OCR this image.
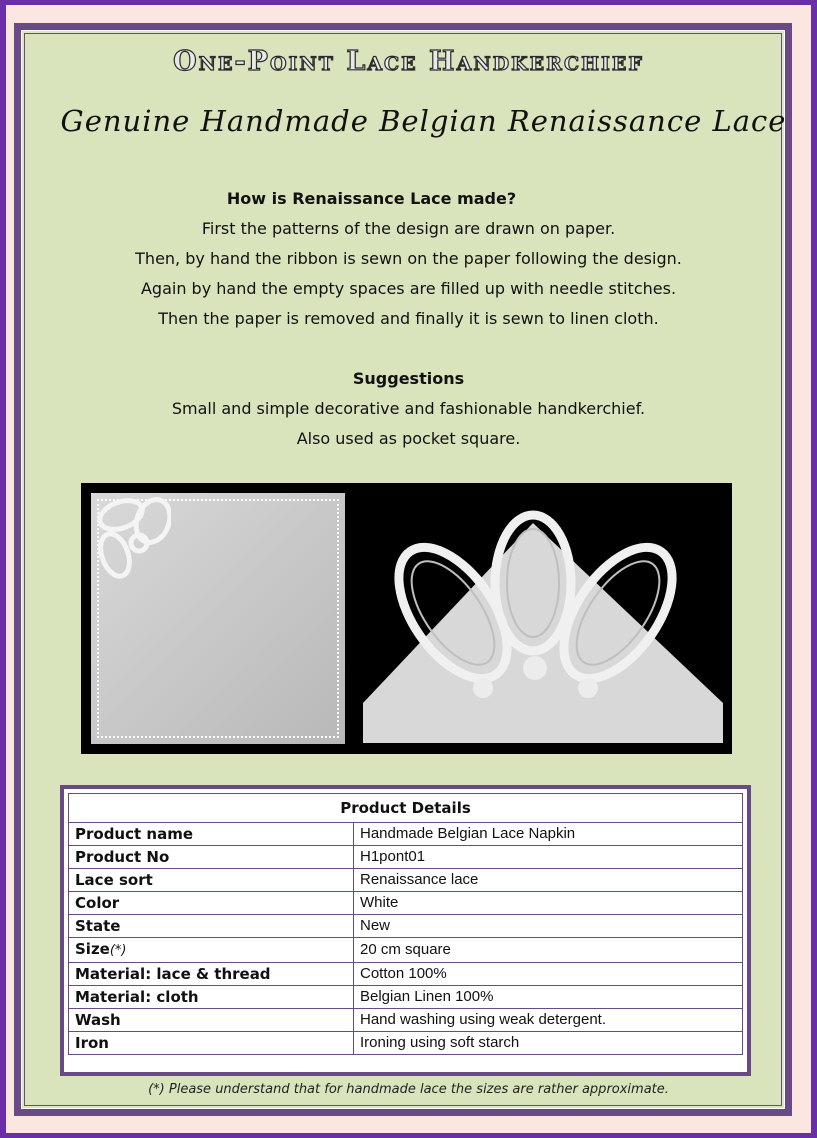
One-Point Lace Handkerchief
Genuine Handmade Belgian Renaissance Lace
How is Renaissance Lace made?
First the patterns of the design are drawn on paper.
Then, by hand the ribbon is sewn on the paper following the design.
Again by hand the empty spaces are filled up with needle stitches.
Then the paper is removed and finally it is sewn to linen cloth.
Suggestions
Small and simple decorative and fashionable handkerchief.
Also used as pocket square.
Product Details	
Product name	Handmade Belgian Lace Napkin
Product No	H1pont01
Lace sort	Renaissance lace
Color	White
State	New
Size(*)	20 cm square
Material: lace & thread	Cotton 100%
Material: cloth	Belgian Linen 100%
Wash	Hand washing using weak detergent.
Iron	Ironing using soft starch
(*) Please understand that for handmade lace the sizes are rather approximate.
